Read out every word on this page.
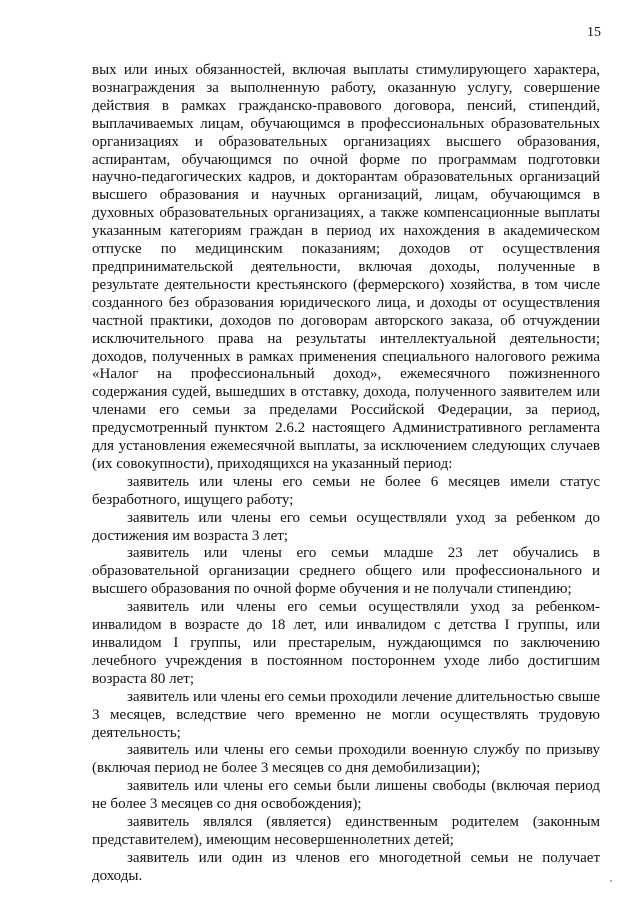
15

вых или иных обязанностей, включая выплаты стимулирующего характера, вознаграждения за выполненную работу, оказанную услугу, совершение действия в рамках гражданско-правового договора, пенсий, стипендий, выплачиваемых лицам, обучающимся в профессиональных образовательных организациях и образовательных организациях высшего образования, аспирантам, обучающимся по очной форме по программам подготовки научно-педагогических кадров, и докторантам образовательных организаций высшего образования и научных организаций, лицам, обучающимся в духовных образовательных организациях, а также компенсационные выплаты указанным категориям граждан в период их нахождения в академическом отпуске по медицинским показаниям; доходов от осуществления предпринимательской деятельности, включая доходы, полученные в результате деятельности крестьянского (фермерского) хозяйства, в том числе созданного без образования юридического лица, и доходы от осуществления частной практики, доходов по договорам авторского заказа, об отчуждении исключительного права на результаты интеллектуальной деятельности; доходов, полученных в рамках применения специального налогового режима «Налог на профессиональный доход», ежемесячного пожизненного содержания судей, вышедших в отставку, дохода, полученного заявителем или членами его семьи за пределами Российской Федерации, за период, предусмотренный пунктом 2.6.2 настоящего Административного регламента для установления ежемесячной выплаты, за исключением следующих случаев (их совокупности), приходящихся на указанный период:

заявитель или члены его семьи не более 6 месяцев имели статус безработного, ищущего работу;

заявитель или члены его семьи осуществляли уход за ребенком до достижения им возраста 3 лет;

заявитель или члены его семьи младше 23 лет обучались в образовательной организации среднего общего или профессионального и высшего образования по очной форме обучения и не получали стипендию;

заявитель или члены его семьи осуществляли уход за ребенком-инвалидом в возрасте до 18 лет, или инвалидом с детства I группы, или инвалидом I группы, или престарелым, нуждающимся по заключению лечебного учреждения в постоянном постороннем уходе либо достигшим возраста 80 лет;

заявитель или члены его семьи проходили лечение длительностью свыше 3 месяцев, вследствие чего временно не могли осуществлять трудовую деятельность;

заявитель или члены его семьи проходили военную службу по призыву (включая период не более 3 месяцев со дня демобилизации);

заявитель или члены его семьи были лишены свободы (включая период не более 3 месяцев со дня освобождения);

заявитель являлся (является) единственным родителем (законным представителем), имеющим несовершеннолетних детей;

заявитель или один из членов его многодетной семьи не получает доходы.
